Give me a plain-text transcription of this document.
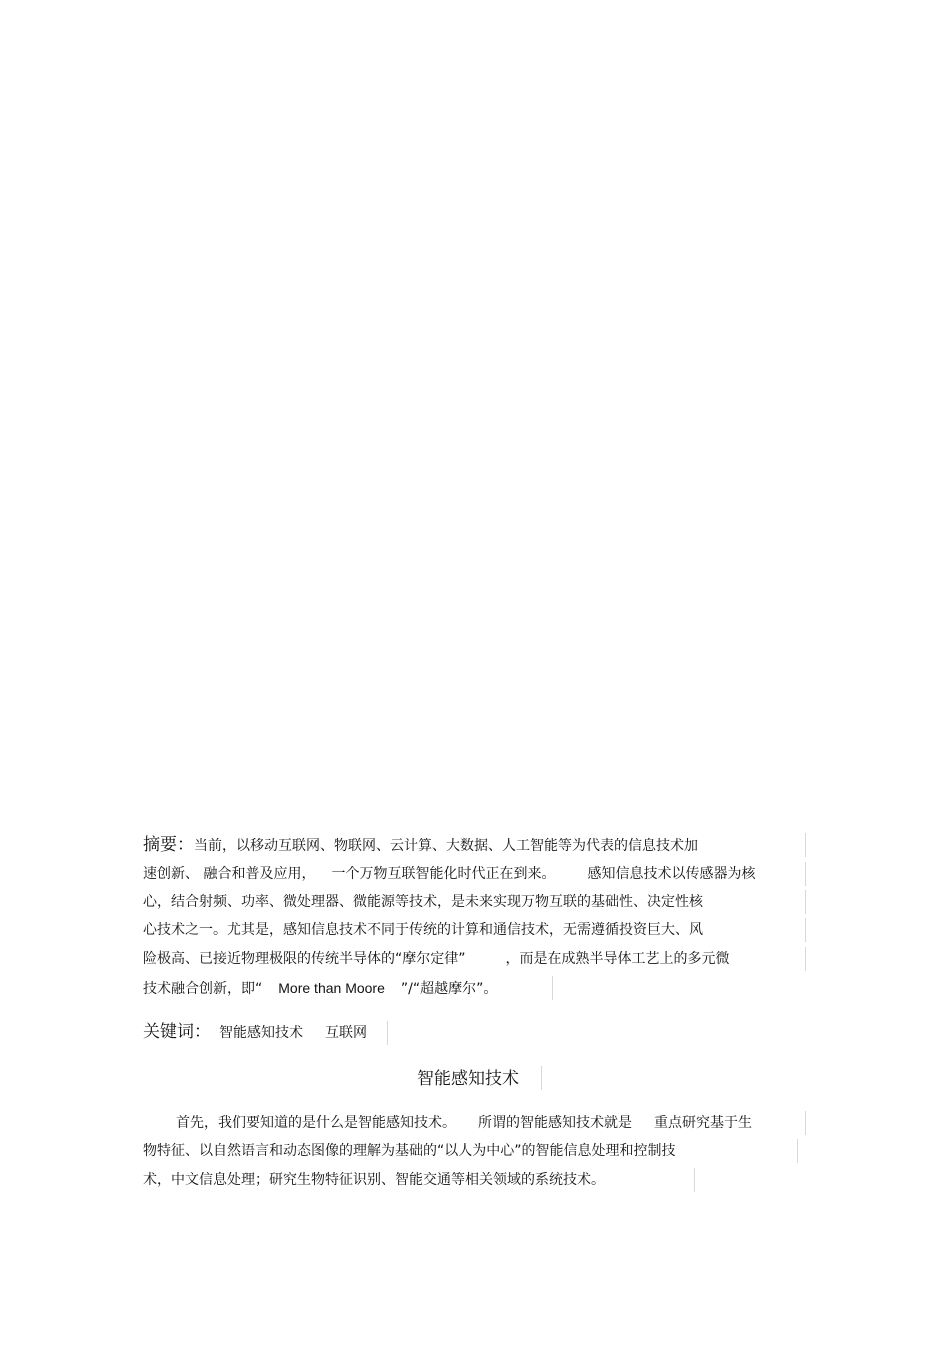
摘要：当前，以移动互联网、物联网、云计算、大数据、人工智能等为代表的信息技术加
速创新、 融合和普及应用， 一个万物互联智能化时代正在到来。 感知信息技术以传感器为核
心，结合射频、功率、微处理器、微能源等技术，是未来实现万物互联的基础性、决定性核
心技术之一。尤其是，感知信息技术不同于传统的计算和通信技术，无需遵循投资巨大、风
险极高、已接近物理极限的传统半导体的“摩尔定律”	，而是在成熟半导体工艺上的多元微
技术融合创新，即“ More than Moore ”/“超越摩尔”。
关键词： 智能感知技术 互联网
智能感知技术
首先，我们要知道的是什么是智能感知技术。 所谓的智能感知技术就是 重点研究基于生
物特征、以自然语言和动态图像的理解为基础的“以人为中心”的智能信息处理和控制技
术，中文信息处理；研究生物特征识别、智能交通等相关领域的系统技术。
